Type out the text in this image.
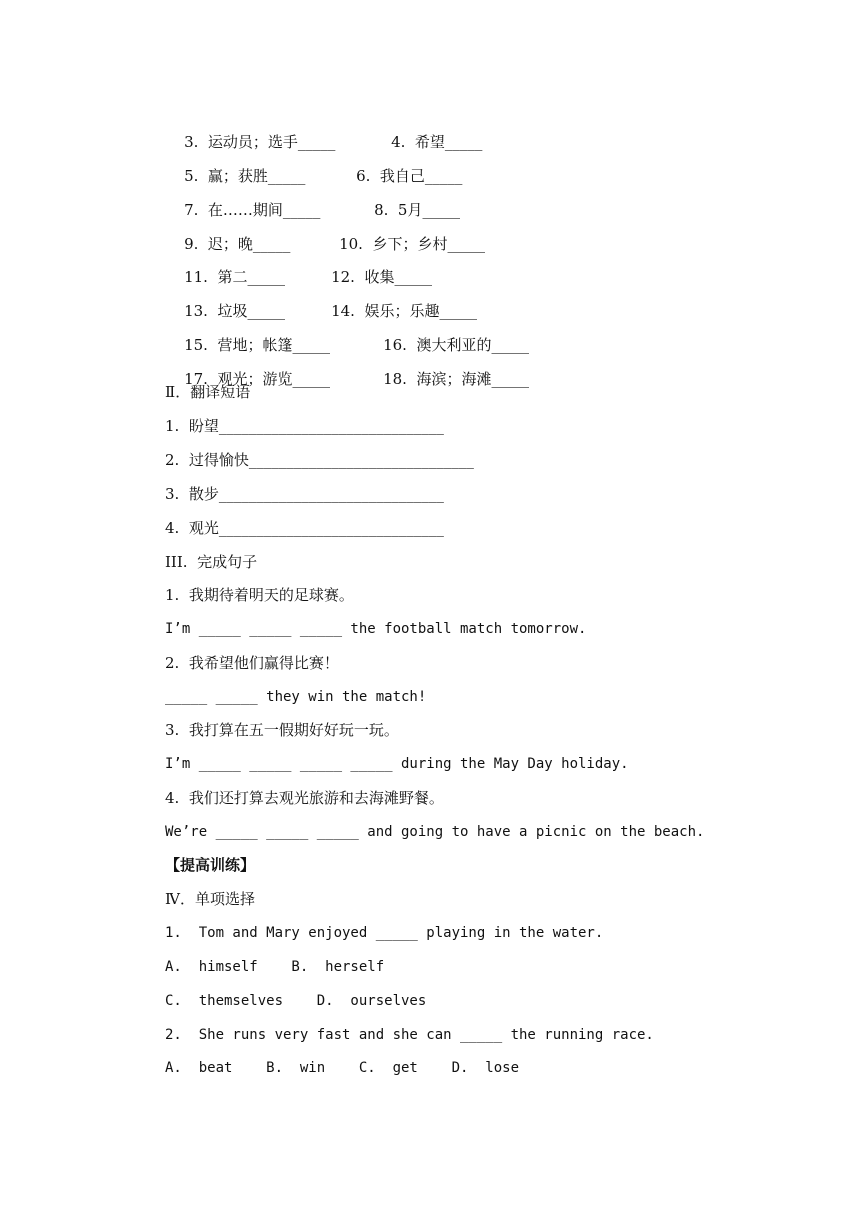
3.  运动员；选手_____	4.  希望_____

5.  赢；获胜_____	6.  我自己_____

7.  在……期间_____	8.  5月_____

9.  迟；晚_____	10.  乡下；乡村_____

11.  第二_____	12.  收集_____

13.  垃圾_____	14.  娱乐；乐趣_____

15.  营地；帐篷_____	16.  澳大利亚的_____

17.  观光；游览_____	18.  海滨；海滩_____

Ⅱ．翻译短语
1.  盼望______________________________
2.  过得愉快______________________________
3.  散步______________________________
4.  观光______________________________
III.  完成句子
1.  我期待着明天的足球赛。
I’m _____ _____ _____ the football match tomorrow.
2.  我希望他们赢得比赛！
_____ _____ they win the match!
3.  我打算在五一假期好好玩一玩。
I’m _____ _____ _____ _____ during the May Day holiday.
4.  我们还打算去观光旅游和去海滩野餐。
We’re _____ _____ _____ and going to have a picnic on the beach.
【提高训练】
Ⅳ．单项选择
1.  Tom and Mary enjoyed _____ playing in the water.
A.  himself    B.  herself
C.  themselves    D.  ourselves
2.  She runs very fast and she can _____ the running race.
A.  beat    B.  win    C.  get    D.  lose
